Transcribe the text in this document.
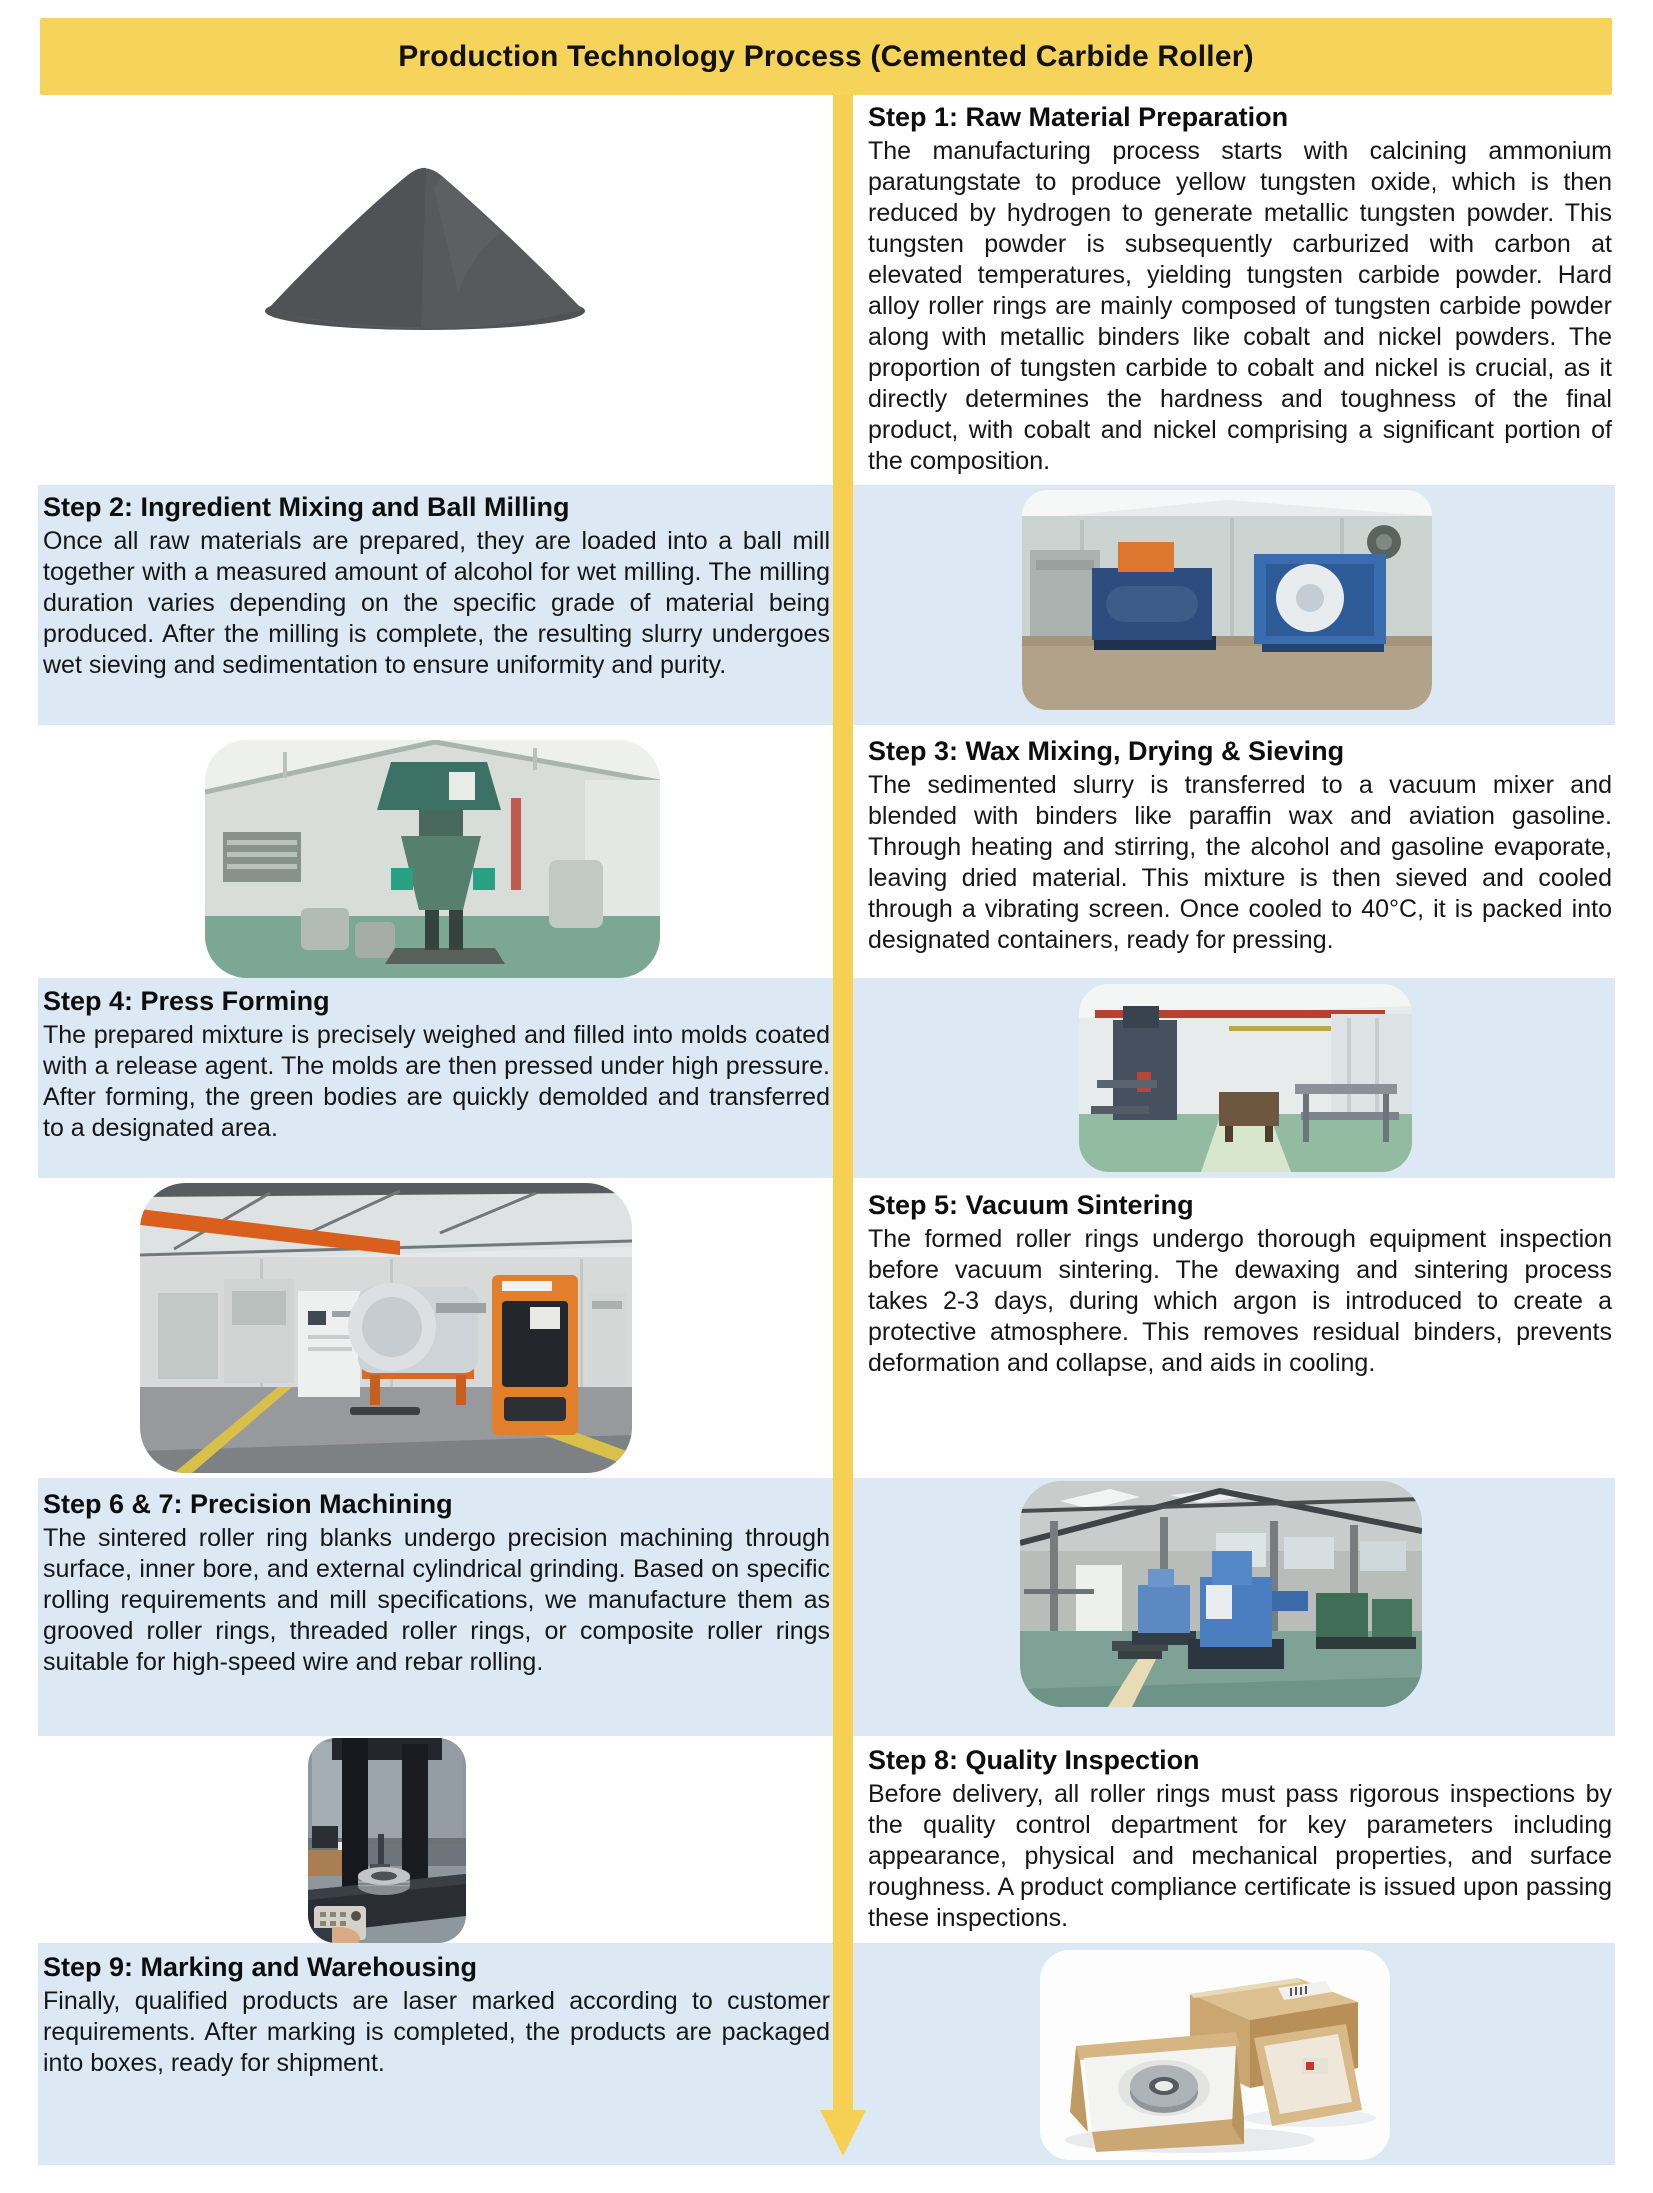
Production Technology Process (Cemented Carbide Roller)
Step 1: Raw Material Preparation

The manufacturing process starts with calcining ammonium paratungstate to produce yellow tungsten oxide, which is then reduced by hydrogen to generate metallic tungsten powder. This tungsten powder is subsequently carburized with carbon at elevated temperatures, yielding tungsten carbide powder. Hard alloy roller rings are mainly composed of tungsten carbide powder along with metallic binders like cobalt and nickel powders. The proportion of tungsten carbide to cobalt and nickel is crucial, as it directly determines the hardness and toughness of the final product, with cobalt and nickel comprising a significant portion of the composition.

Step 2: Ingredient Mixing and Ball Milling

Once all raw materials are prepared, they are loaded into a ball mill together with a measured amount of alcohol for wet milling. The milling duration varies depending on the specific grade of material being produced. After the milling is complete, the resulting slurry undergoes wet sieving and sedimentation to ensure uniformity and purity.

Step 3: Wax Mixing, Drying & Sieving

The sedimented slurry is transferred to a vacuum mixer and blended with binders like paraffin wax and aviation gasoline. Through heating and stirring, the alcohol and gasoline evaporate, leaving dried material. This mixture is then sieved and cooled through a vibrating screen. Once cooled to 40°C, it is packed into designated containers, ready for pressing.

Step 4: Press Forming

The prepared mixture is precisely weighed and filled into molds coated with a release agent. The molds are then pressed under high pressure. After forming, the green bodies are quickly demolded and transferred to a designated area.

Step 5: Vacuum Sintering

The formed roller rings undergo thorough equipment inspection before vacuum sintering. The dewaxing and sintering process takes 2-3 days, during which argon is introduced to create a protective atmosphere. This removes residual binders, prevents deformation and collapse, and aids in cooling.

Step 6 & 7: Precision Machining

The sintered roller ring blanks undergo precision machining through surface, inner bore, and external cylindrical grinding. Based on specific rolling requirements and mill specifications, we manufacture them as grooved roller rings, threaded roller rings, or composite roller rings suitable for high-speed wire and rebar rolling.

Step 8: Quality Inspection

Before delivery, all roller rings must pass rigorous inspections by the quality control department for key parameters including appearance, physical and mechanical properties, and surface roughness. A product compliance certificate is issued upon passing these inspections.

Step 9: Marking and Warehousing

Finally, qualified products are laser marked according to customer requirements. After marking is completed, the products are packaged into boxes, ready for shipment.
